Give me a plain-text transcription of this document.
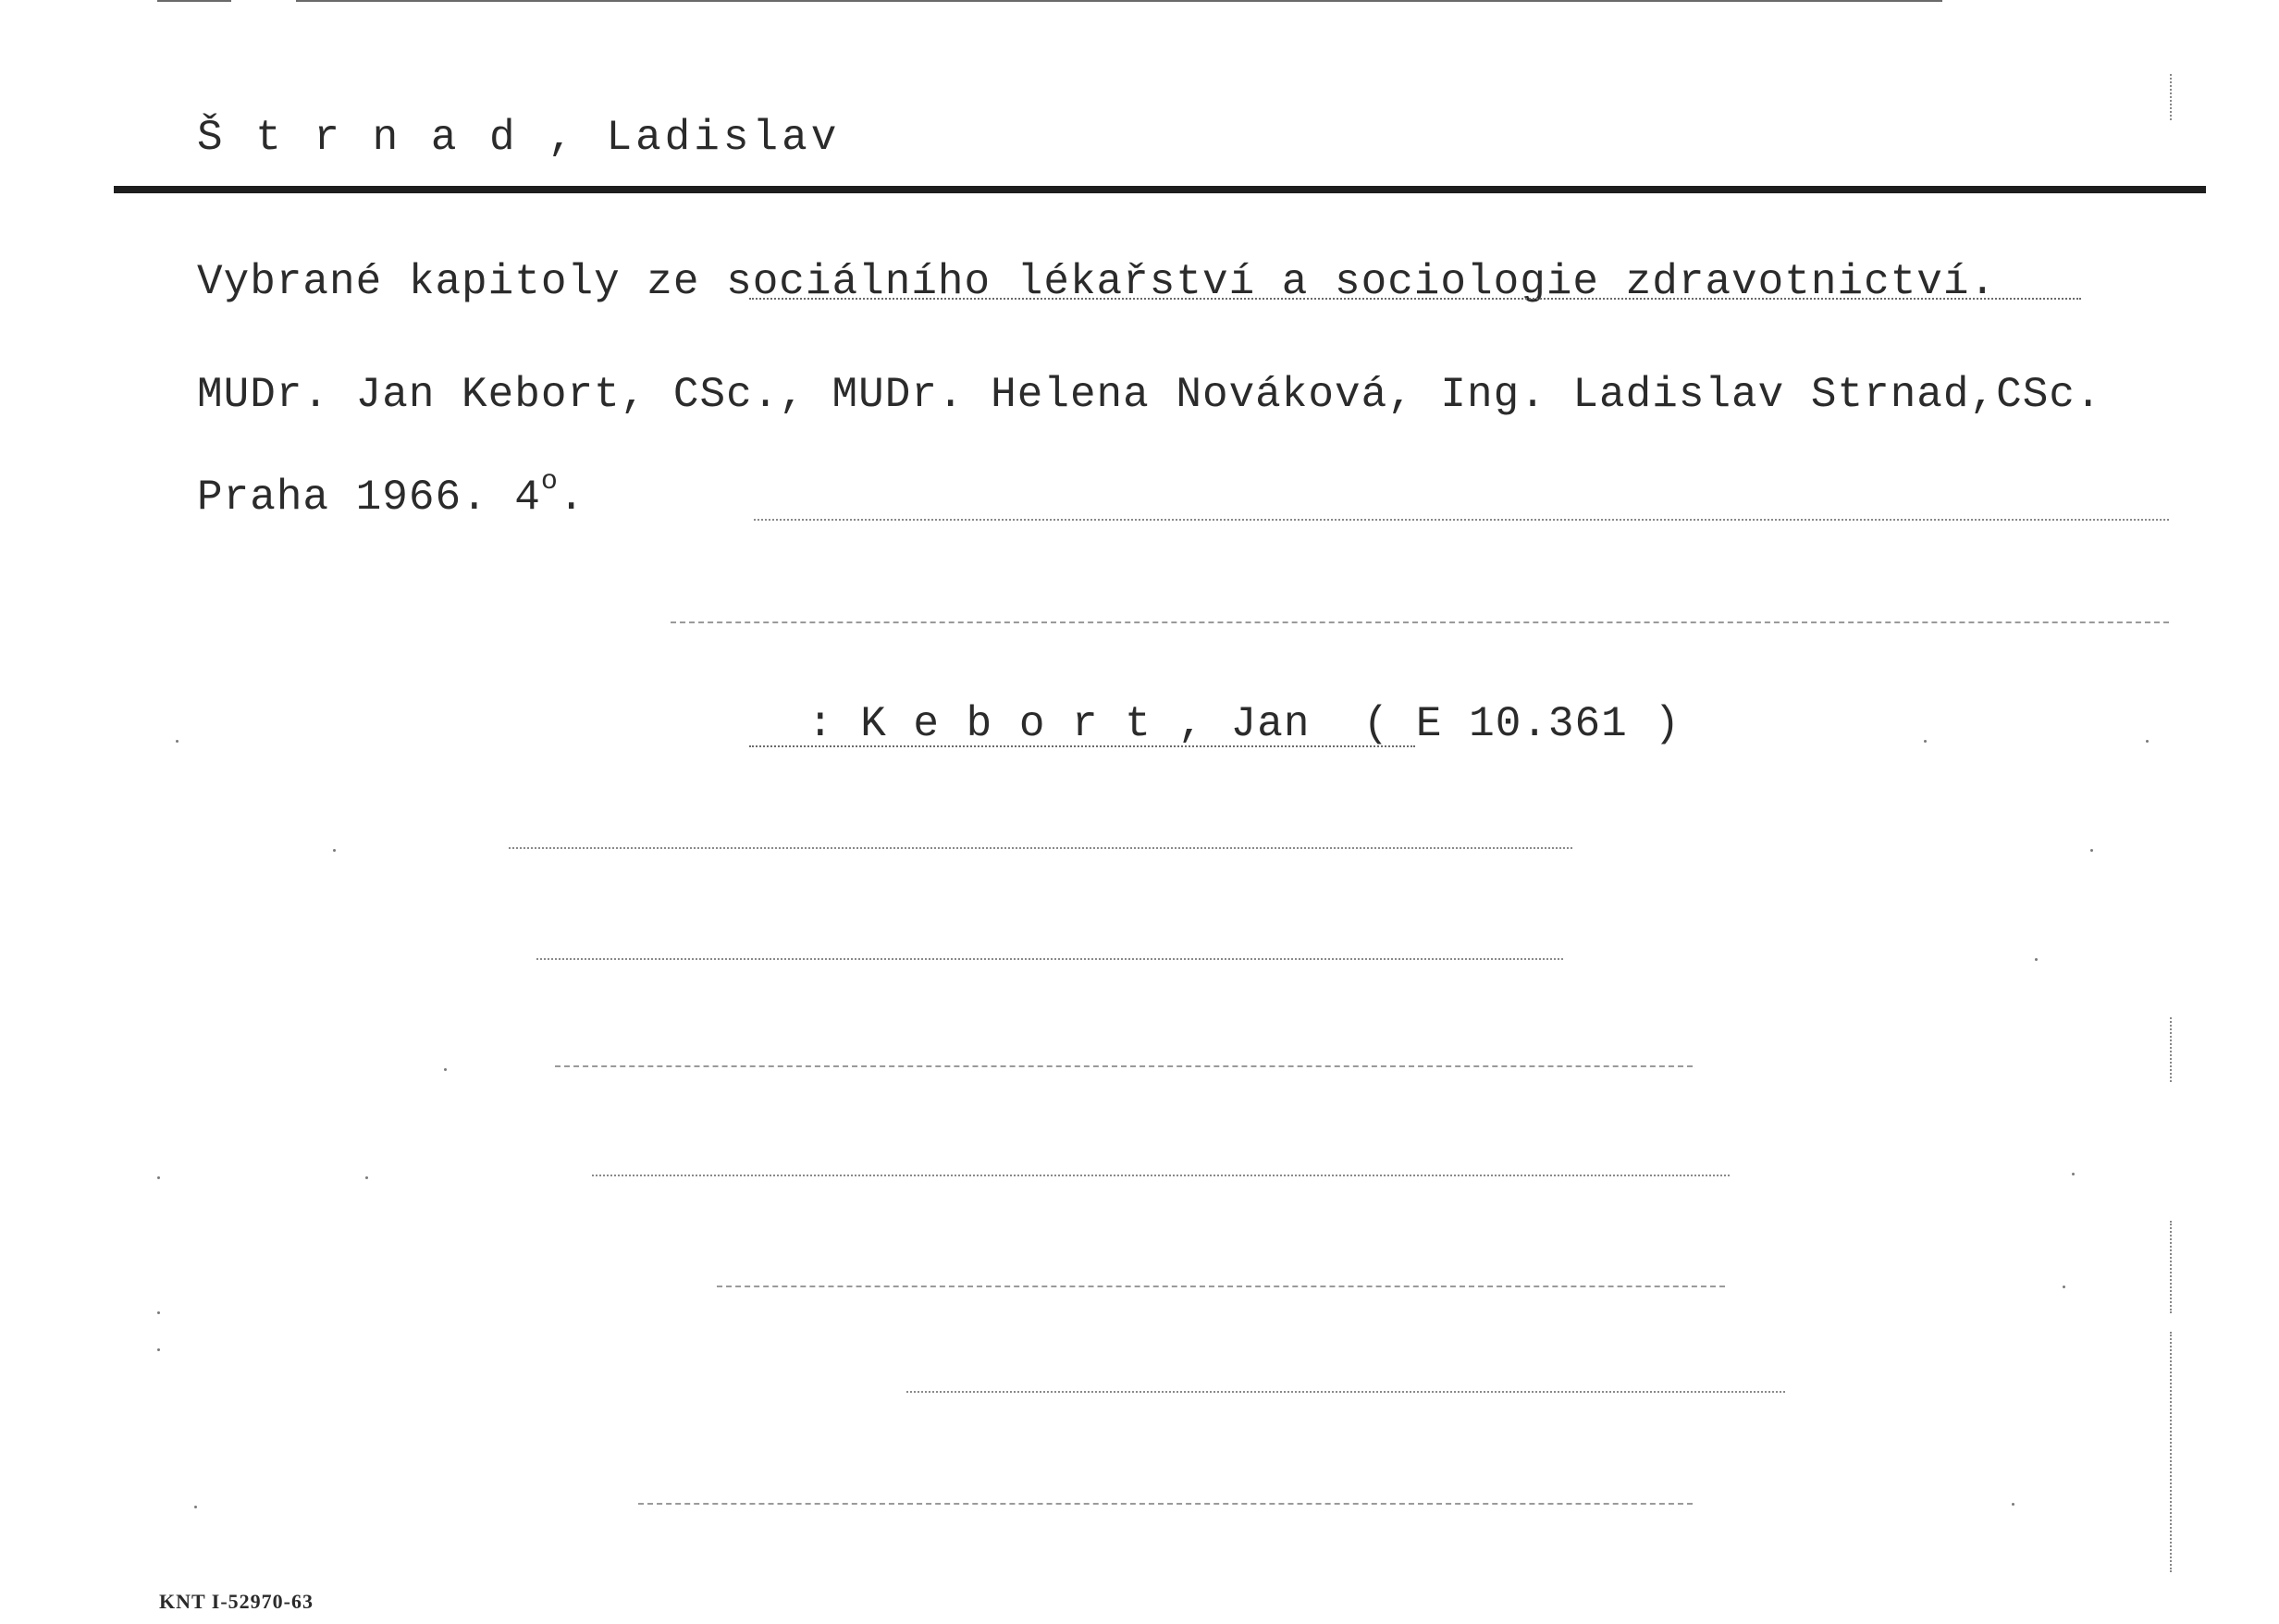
Š t r n a d , Ladislav
Vybrané kapitoly ze sociálního lékařství a sociologie zdravotnictví.
MUDr. Jan Kebort, CSc., MUDr. Helena Nováková, Ing. Ladislav Strnad,CSc.
Praha 1966. 4$^o$.
: K e b o r t , Jan  ( E 10.361 )
KNT I-52970-63
